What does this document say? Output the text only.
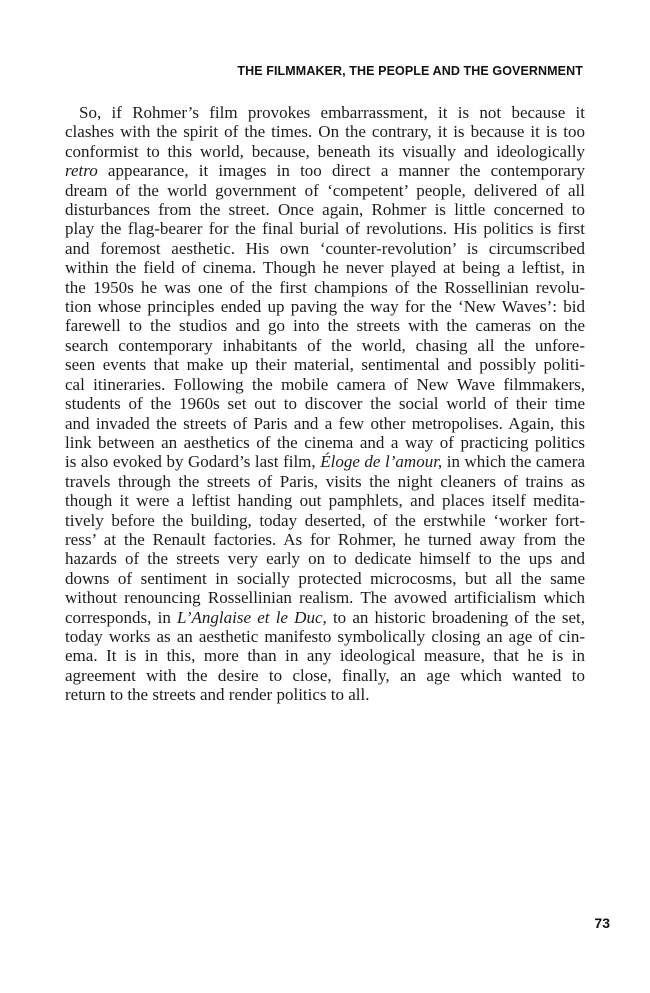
THE FILMMAKER, THE PEOPLE AND THE GOVERNMENT
So, if Rohmer’s film provokes embarrassment, it is not because it
clashes with the spirit of the times. On the contrary, it is because it is too
conformist to this world, because, beneath its visually and ideologically
retro appearance, it images in too direct a manner the contemporary
dream of the world government of ‘competent’ people, delivered of all
disturbances from the street. Once again, Rohmer is little concerned to
play the flag-bearer for the final burial of revolutions. His politics is first
and foremost aesthetic. His own ‘counter-revolution’ is circumscribed
within the field of cinema. Though he never played at being a leftist, in
the 1950s he was one of the first champions of the Rossellinian revolu-
tion whose principles ended up paving the way for the ‘New Waves’: bid
farewell to the studios and go into the streets with the cameras on the
search contemporary inhabitants of the world, chasing all the unfore-
seen events that make up their material, sentimental and possibly politi-
cal itineraries. Following the mobile camera of New Wave filmmakers,
students of the 1960s set out to discover the social world of their time
and invaded the streets of Paris and a few other metropolises. Again, this
link between an aesthetics of the cinema and a way of practicing politics
is also evoked by Godard’s last film, Éloge de l’amour, in which the camera
travels through the streets of Paris, visits the night cleaners of trains as
though it were a leftist handing out pamphlets, and places itself medita-
tively before the building, today deserted, of the erstwhile ‘worker fort-
ress’ at the Renault factories. As for Rohmer, he turned away from the
hazards of the streets very early on to dedicate himself to the ups and
downs of sentiment in socially protected microcosms, but all the same
without renouncing Rossellinian realism. The avowed artificialism which
corresponds, in L’Anglaise et le Duc, to an historic broadening of the set,
today works as an aesthetic manifesto symbolically closing an age of cin-
ema. It is in this, more than in any ideological measure, that he is in
agreement with the desire to close, finally, an age which wanted to
return to the streets and render politics to all.
73
